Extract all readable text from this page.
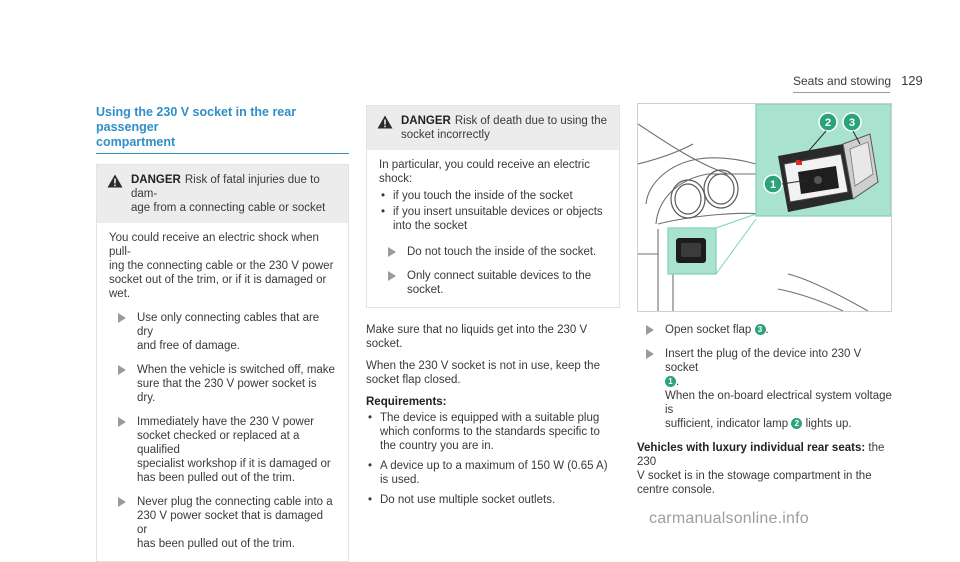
Seats and stowing 129
Using the 230 V socket in the rear passenger
compartment
DANGER Risk of fatal injuries due to dam-
age from a connecting cable or socket
You could receive an electric shock when pull-
ing the connecting cable or the 230 V power
socket out of the trim, or if it is damaged or
wet.
Use only connecting cables that are dry
and free of damage.
When the vehicle is switched off, make
sure that the 230 V power socket is dry.
Immediately have the 230 V power
socket checked or replaced at a qualified
specialist workshop if it is damaged or
has been pulled out of the trim.
Never plug the connecting cable into a
230 V power socket that is damaged or
has been pulled out of the trim.
DANGER Risk of death due to using the
socket incorrectly
In particular, you could receive an electric
shock:
• if you touch the inside of the socket
• if you insert unsuitable devices or objects
into the socket
Do not touch the inside of the socket.
Only connect suitable devices to the
socket.
Make sure that no liquids get into the 230 V
socket.
When the 230 V socket is not in use, keep the
socket flap closed.
Requirements:
• The device is equipped with a suitable plug
which conforms to the standards specific to
the country you are in.
• A device up to a maximum of 150 W (0.65 A)
is used.
• Do not use multiple socket outlets.
1
2 3
Open socket flap 3 .
Insert the plug of the device into 230 V socket
1 .
When the on-board electrical system voltage is
sufficient, indicator lamp 2 lights up.
Vehicles with luxury individual rear seats: the 230
V socket is in the stowage compartment in the
centre console.
carmanualsonline.info
